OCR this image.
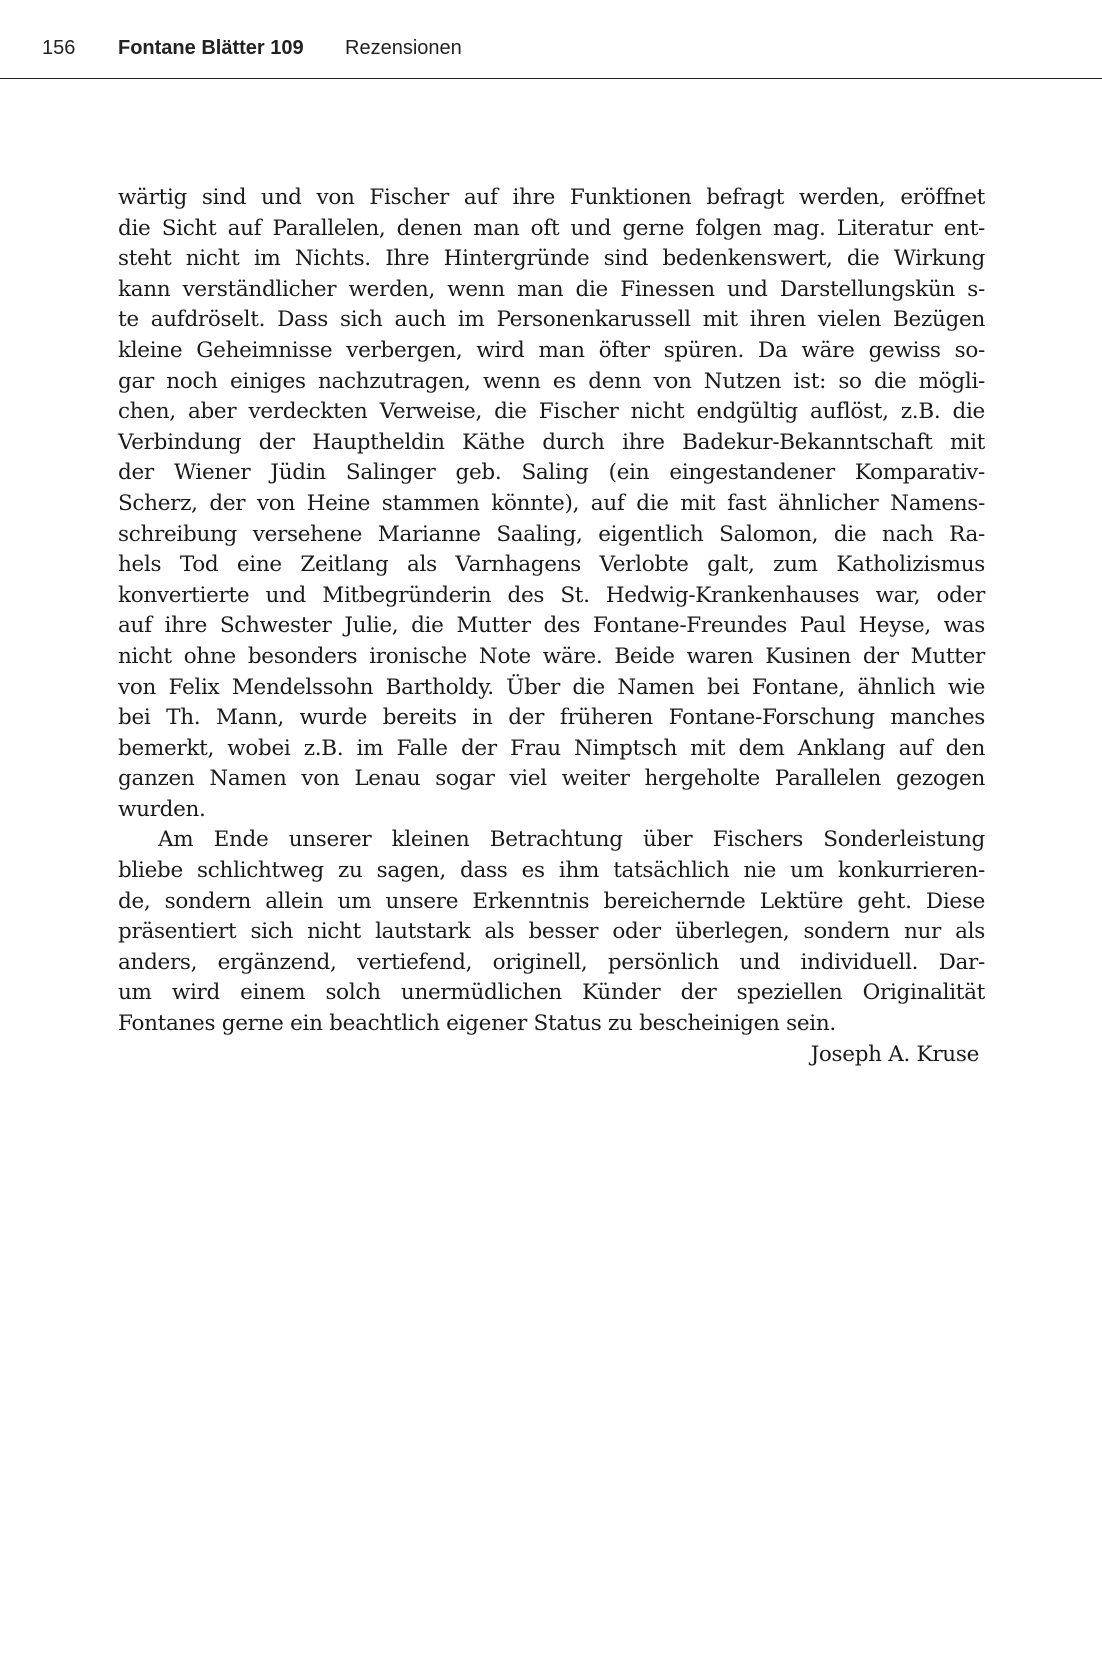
156 Fontane Blätter 109 Rezensionen
wärtig sind und von Fischer auf ihre Funktionen befragt werden, eröffnet
die Sicht auf Parallelen, denen man oft und gerne folgen mag. Literatur ent-
steht nicht im Nichts. Ihre Hintergründe sind bedenkenswert, die Wirkung
kann verständlicher werden, wenn man die Finessen und Darstellungskün s-
te aufdröselt. Dass sich auch im Personenkarussell mit ihren vielen Bezügen
kleine Geheimnisse verbergen, wird man öfter spüren. Da wäre gewiss so-
gar noch einiges nachzutragen, wenn es denn von Nutzen ist: so die mögli-
chen, aber verdeckten Verweise, die Fischer nicht endgültig auflöst, z.B. die
Verbindung der Hauptheldin Käthe durch ihre Badekur-Bekanntschaft mit
der Wiener Jüdin Salinger geb. Saling (ein eingestandener Komparativ-
Scherz, der von Heine stammen könnte), auf die mit fast ähnlicher Namens-
schreibung versehene Marianne Saaling, eigentlich Salomon, die nach Ra-
hels Tod eine Zeitlang als Varnhagens Verlobte galt, zum Katholizismus
konvertierte und Mitbegründerin des St. Hedwig-Krankenhauses war, oder
auf ihre Schwester Julie, die Mutter des Fontane-Freundes Paul Heyse, was
nicht ohne besonders ironische Note wäre. Beide waren Kusinen der Mutter
von Felix Mendelssohn Bartholdy. Über die Namen bei Fontane, ähnlich wie
bei Th. Mann, wurde bereits in der früheren Fontane-Forschung manches
bemerkt, wobei z.B. im Falle der Frau Nimptsch mit dem Anklang auf den
ganzen Namen von Lenau sogar viel weiter hergeholte Parallelen gezogen
wurden.
Am Ende unserer kleinen Betrachtung über Fischers Sonderleistung
bliebe schlichtweg zu sagen, dass es ihm tatsächlich nie um konkurrieren-
de, sondern allein um unsere Erkenntnis bereichernde Lektüre geht. Diese
präsentiert sich nicht lautstark als besser oder überlegen, sondern nur als
anders, ergänzend, vertiefend, originell, persönlich und individuell. Dar-
um wird einem solch unermüdlichen Künder der speziellen Originalität
Fontanes gerne ein beachtlich eigener Status zu bescheinigen sein.
Joseph A. Kruse
